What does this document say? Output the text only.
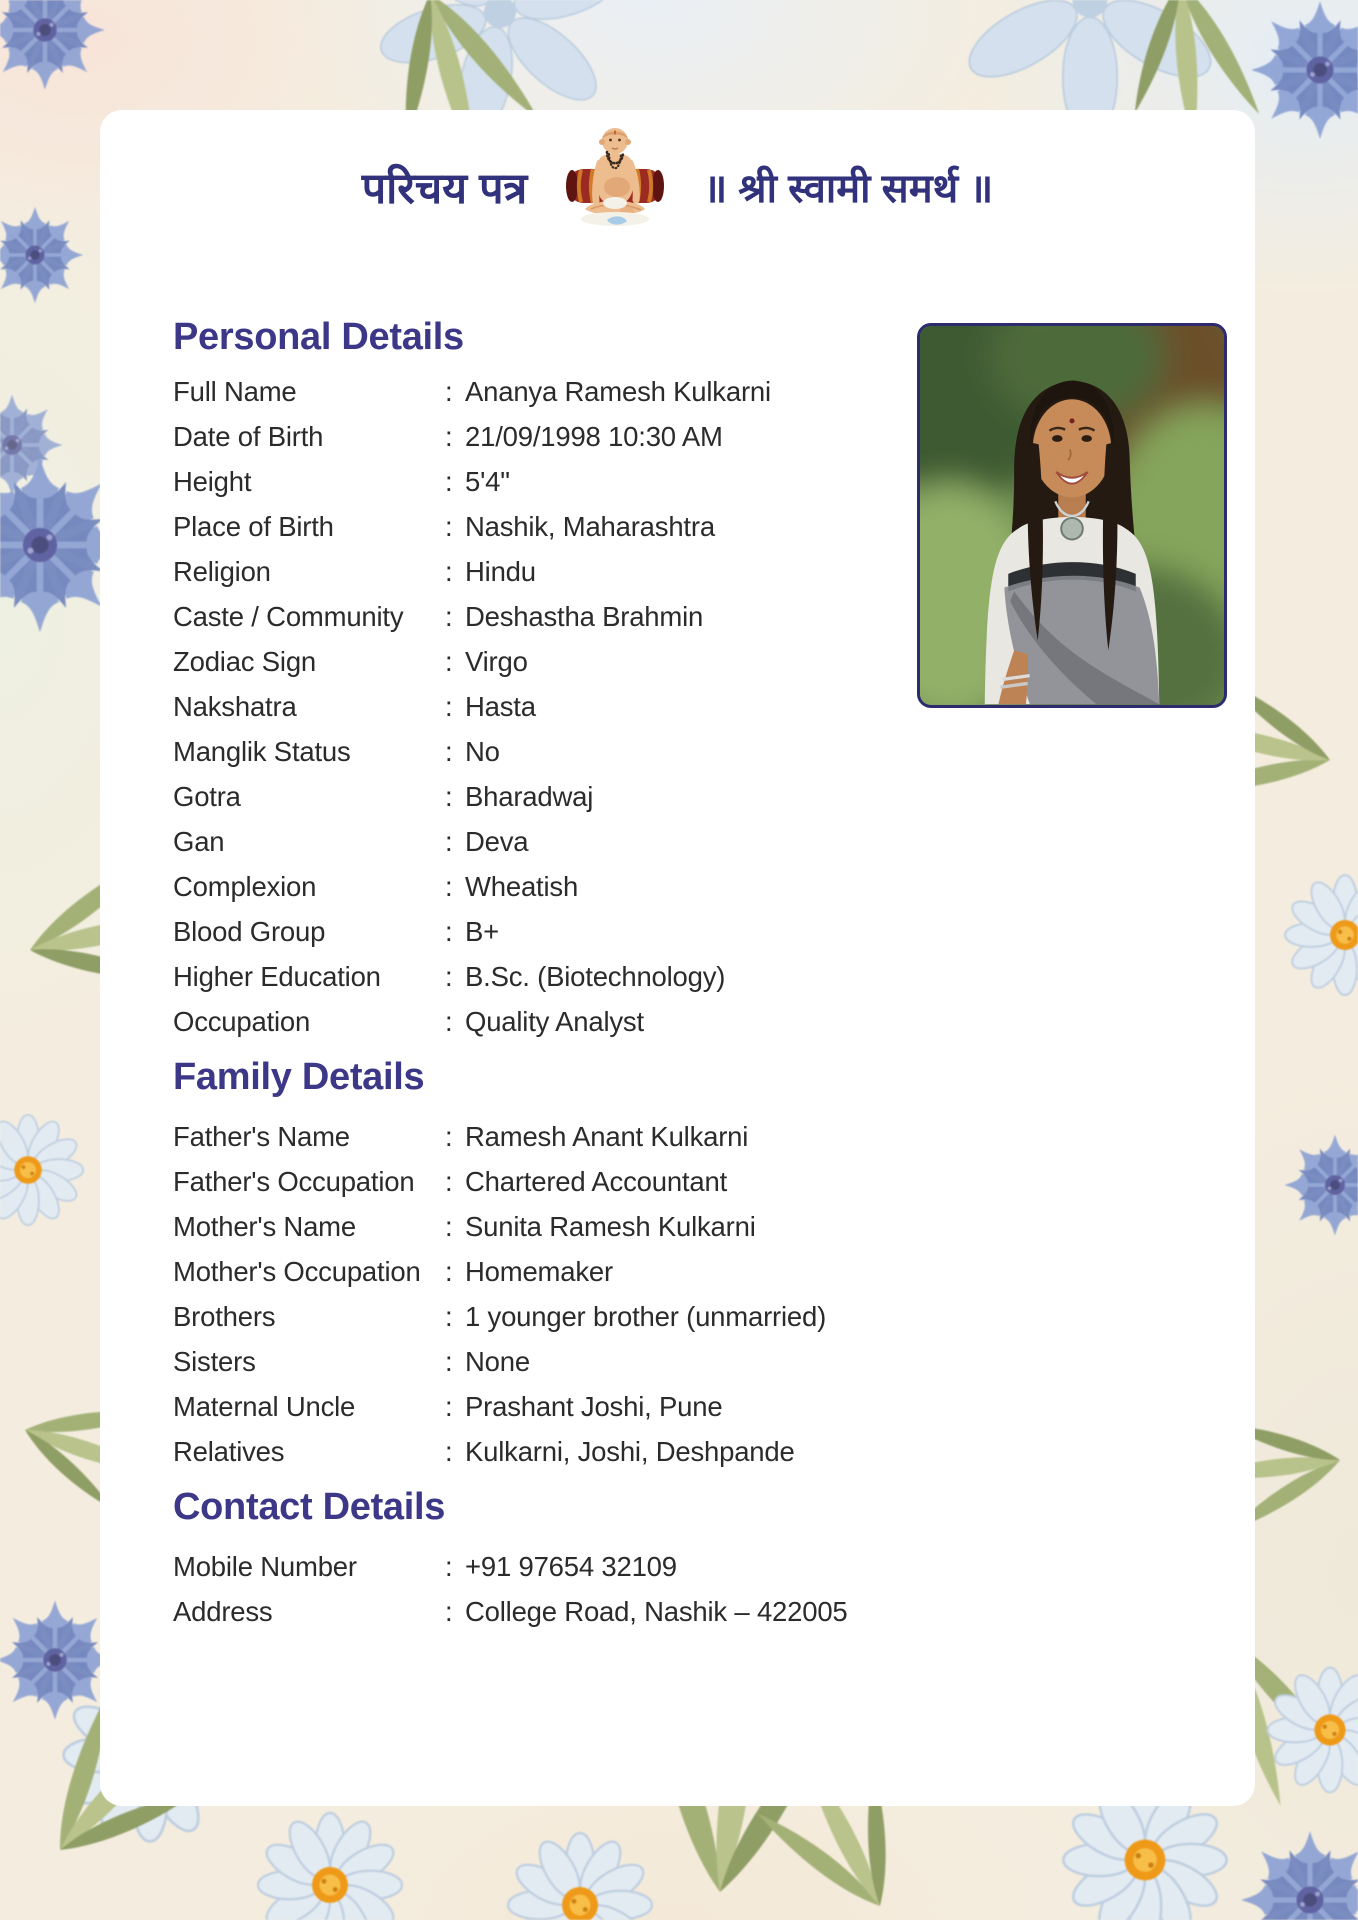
परिचय पत्र	॥ श्री स्वामी समर्थ ॥
Personal Details
Full Name	: Ananya Ramesh Kulkarni
Date of Birth	: 21/09/1998 10:30 AM
Height	: 5'4"
Place of Birth	: Nashik, Maharashtra
Religion	: Hindu
Caste / Community	: Deshastha Brahmin
Zodiac Sign	: Virgo
Nakshatra	: Hasta
Manglik Status	: No
Gotra	: Bharadwaj
Gan	: Deva
Complexion	: Wheatish
Blood Group	: B+
Higher Education	: B.Sc. (Biotechnology)
Occupation	: Quality Analyst
Family Details
Father's Name	: Ramesh Anant Kulkarni
Father's Occupation	: Chartered Accountant
Mother's Name	: Sunita Ramesh Kulkarni
Mother's Occupation : Homemaker
Brothers	: 1 younger brother (unmarried)
Sisters	: None
Maternal Uncle	: Prashant Joshi, Pune
Relatives	: Kulkarni, Joshi, Deshpande
Contact Details
Mobile Number	: +91 97654 32109
Address	: College Road, Nashik – 422005
